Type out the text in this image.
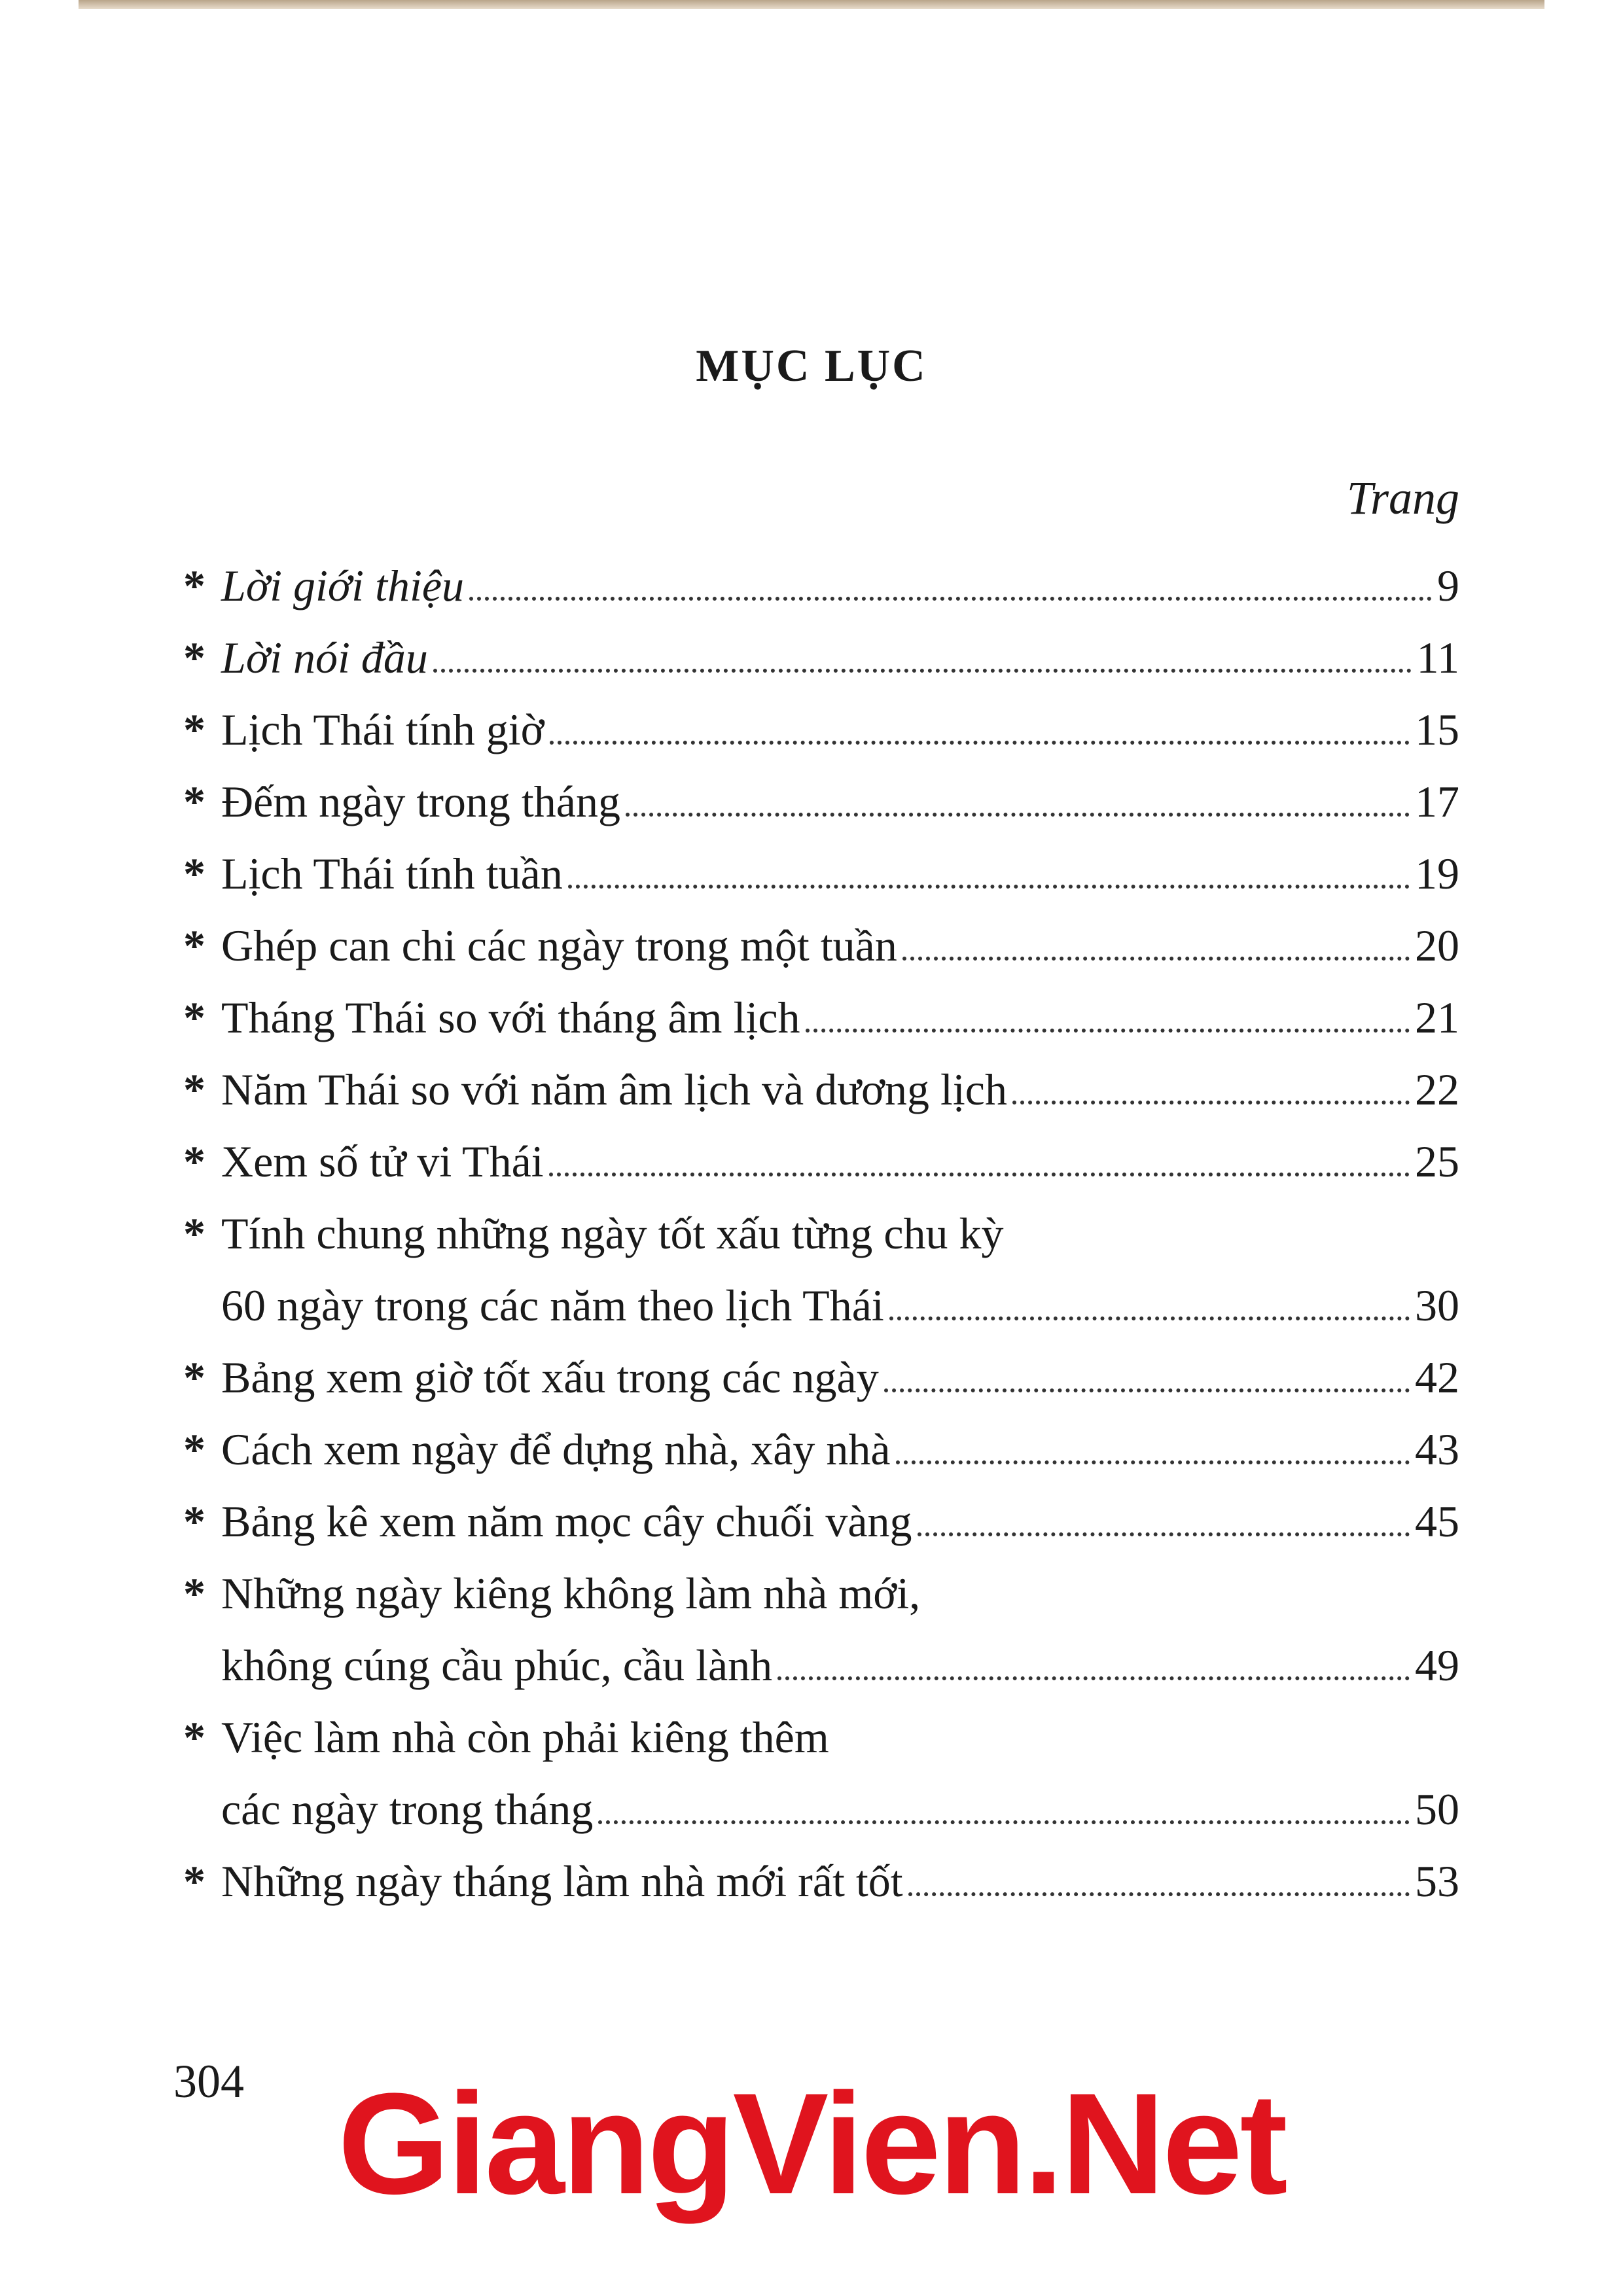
MỤC LỤC
Trang
* Lời giới thiệu	9
* Lời nói đầu	11
* Lịch Thái tính giờ	15
* Đếm ngày trong tháng	17
* Lịch Thái tính tuần	19
* Ghép can chi các ngày trong một tuần	20
* Tháng Thái so với tháng âm lịch	21
* Năm Thái so với năm âm lịch và dương lịch	22
* Xem số tử vi Thái	25
* Tính chung những ngày tốt xấu từng chu kỳ
60 ngày trong các năm theo lịch Thái	30
* Bảng xem giờ tốt xấu trong các ngày	42
* Cách xem ngày để dựng nhà, xây nhà	43
* Bảng kê xem năm mọc cây chuối vàng	45
* Những ngày kiêng không làm nhà mới,
không cúng cầu phúc, cầu lành	49
* Việc làm nhà còn phải kiêng thêm
các ngày trong tháng	50
* Những ngày tháng làm nhà mới rất tốt	53
304 GiangVien.Net
